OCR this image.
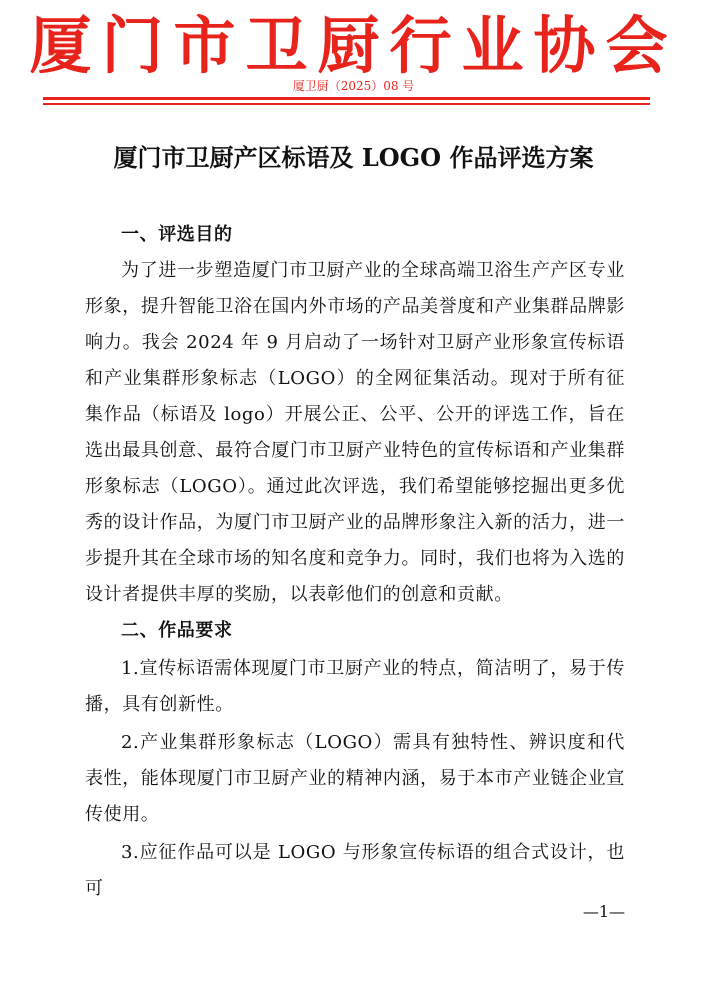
厦门市卫厨行业协会
厦卫厨（2025）08 号
厦门市卫厨产区标语及 LOGO 作品评选方案
一、评选目的

为了进一步塑造厦门市卫厨产业的全球高端卫浴生产产区专业形象，提升智能卫浴在国内外市场的产品美誉度和产业集群品牌影响力。我会 2024 年 9 月启动了一场针对卫厨产业形象宣传标语和产业集群形象标志（LOGO）的全网征集活动。现对于所有征集作品（标语及 logo）开展公正、公平、公开的评选工作，旨在选出最具创意、最符合厦门市卫厨产业特色的宣传标语和产业集群形象标志（LOGO）。通过此次评选，我们希望能够挖掘出更多优秀的设计作品，为厦门市卫厨产业的品牌形象注入新的活力，进一步提升其在全球市场的知名度和竞争力。同时，我们也将为入选的设计者提供丰厚的奖励，以表彰他们的创意和贡献。

二、作品要求

1.宣传标语需体现厦门市卫厨产业的特点，简洁明了，易于传播，具有创新性。

2.产业集群形象标志（LOGO）需具有独特性、辨识度和代表性，能体现厦门市卫厨产业的精神内涵，易于本市产业链企业宣传使用。

3.应征作品可以是 LOGO 与形象宣传标语的组合式设计，也可

—1—
